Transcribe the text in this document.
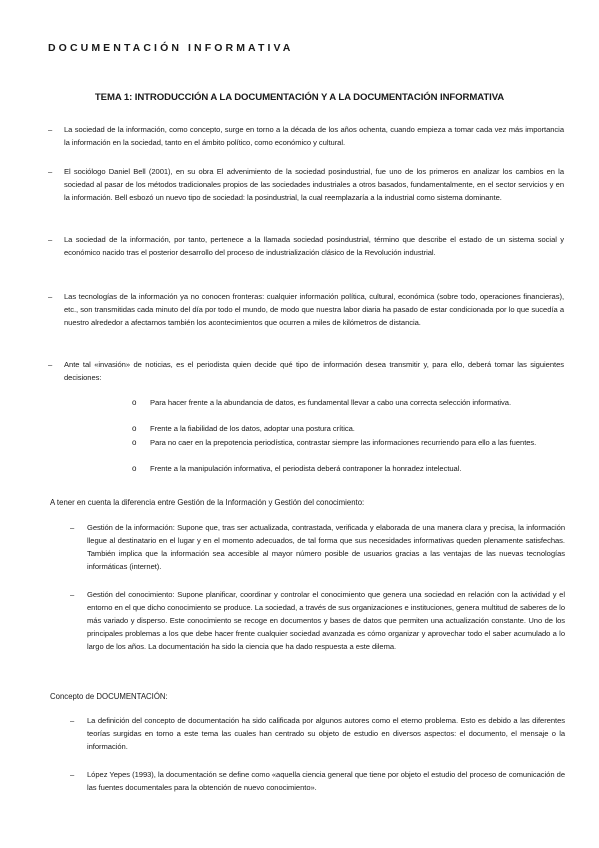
DOCUMENTACIÓN INFORMATIVA
TEMA 1: INTRODUCCIÓN A LA DOCUMENTACIÓN Y A LA DOCUMENTACIÓN INFORMATIVA
– La sociedad de la información, como concepto, surge en torno a la década de los años ochenta, cuando empieza a tomar cada vez más importancia la información en la sociedad, tanto en el ámbito político, como económico y cultural.
– El sociólogo Daniel Bell (2001), en su obra El advenimiento de la sociedad posindustrial, fue uno de los primeros en analizar los cambios en la sociedad al pasar de los métodos tradicionales propios de las sociedades industriales a otros basados, fundamentalmente, en el sector servicios y en la información. Bell esbozó un nuevo tipo de sociedad: la posindustrial, la cual reemplazaría a la industrial como sistema dominante.
– La sociedad de la información, por tanto, pertenece a la llamada sociedad posindustrial, término que describe el estado de un sistema social y económico nacido tras el posterior desarrollo del proceso de industrialización clásico de la Revolución industrial.
– Las tecnologías de la información ya no conocen fronteras: cualquier información política, cultural, económica (sobre todo, operaciones financieras), etc., son transmitidas cada minuto del día por todo el mundo, de modo que nuestra labor diaria ha pasado de estar condicionada por lo que sucedía a nuestro alrededor a afectarnos también los acontecimientos que ocurren a miles de kilómetros de distancia.
– Ante tal «invasión» de noticias, es el periodista quien decide qué tipo de información desea transmitir y, para ello, deberá tomar las siguientes decisiones:
o Para hacer frente a la abundancia de datos, es fundamental llevar a cabo una correcta selección informativa.
o Frente a la fiabilidad de los datos, adoptar una postura crítica.
o Para no caer en la prepotencia periodística, contrastar siempre las informaciones recurriendo para ello a las fuentes.
o Frente a la manipulación informativa, el periodista deberá contraponer la honradez intelectual.
A tener en cuenta la diferencia entre Gestión de la Información y Gestión del conocimiento:
– Gestión de la información: Supone que, tras ser actualizada, contrastada, verificada y elaborada de una manera clara y precisa, la información llegue al destinatario en el lugar y en el momento adecuados, de tal forma que sus necesidades informativas queden plenamente satisfechas. También implica que la información sea accesible al mayor número posible de usuarios gracias a las ventajas de las nuevas tecnologías informáticas (internet).
– Gestión del conocimiento: Supone planificar, coordinar y controlar el conocimiento que genera una sociedad en relación con la actividad y el entorno en el que dicho conocimiento se produce. La sociedad, a través de sus organizaciones e instituciones, genera multitud de saberes de lo más variado y disperso. Este conocimiento se recoge en documentos y bases de datos que permiten una actualización constante. Uno de los principales problemas a los que debe hacer frente cualquier sociedad avanzada es cómo organizar y aprovechar todo el saber acumulado a lo largo de los años. La documentación ha sido la ciencia que ha dado respuesta a este dilema.
Concepto de DOCUMENTACIÓN:
– La definición del concepto de documentación ha sido calificada por algunos autores como el eterno problema. Esto es debido a las diferentes teorías surgidas en torno a este tema las cuales han centrado su objeto de estudio en diversos aspectos: el documento, el mensaje o la información.
– López Yepes (1993), la documentación se define como «aquella ciencia general que tiene por objeto el estudio del proceso de comunicación de las fuentes documentales para la obtención de nuevo conocimiento».
